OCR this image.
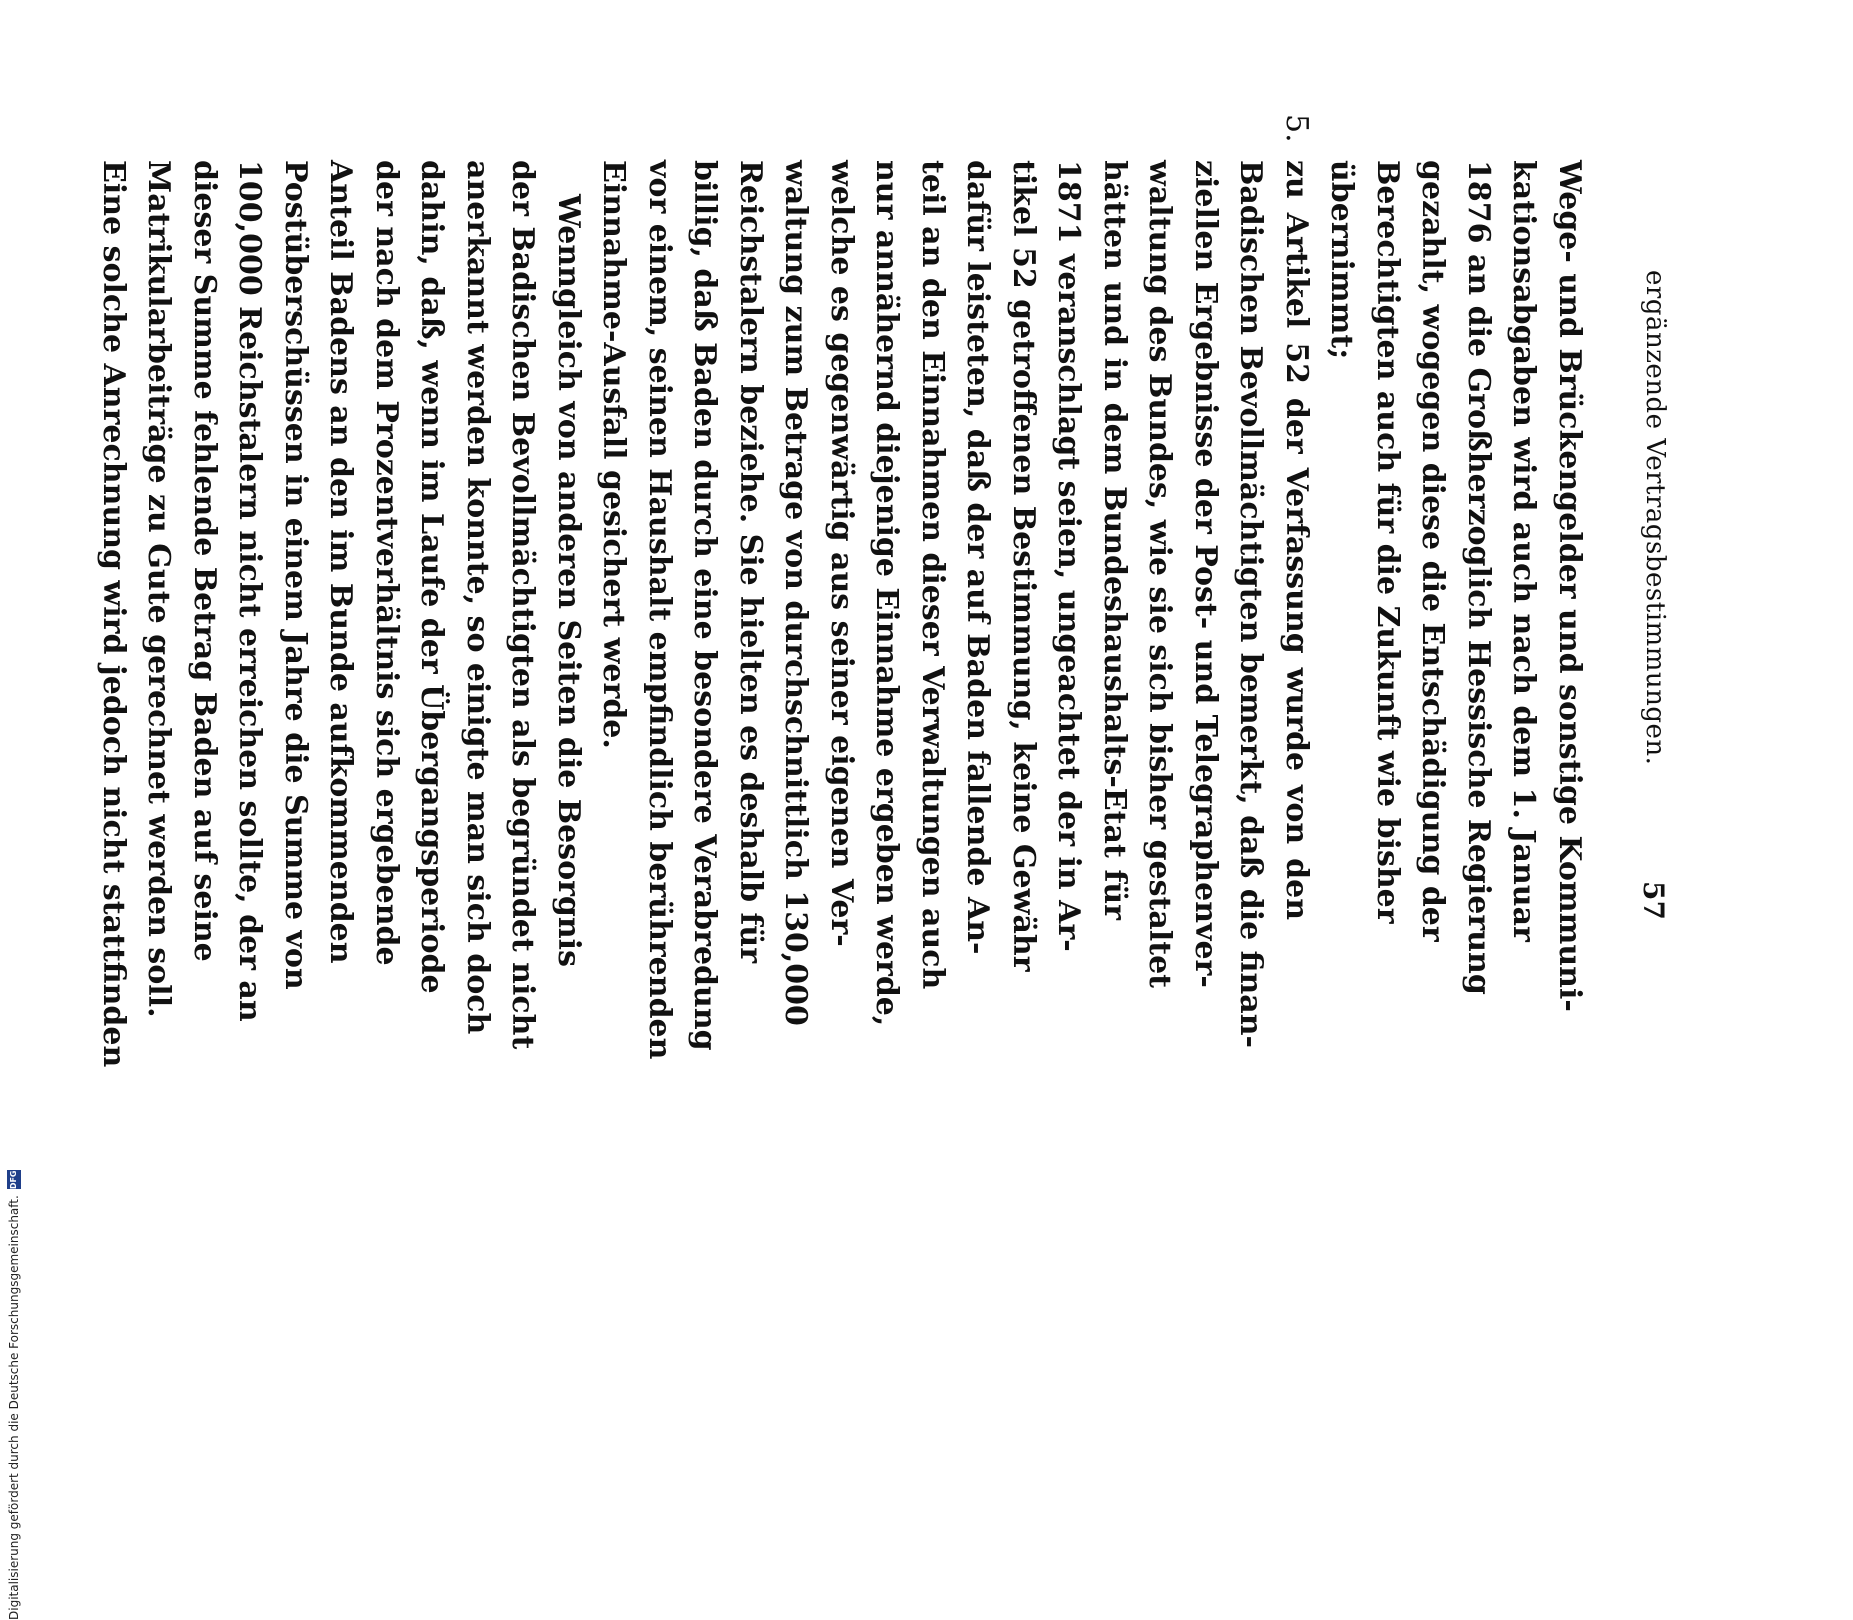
ergänzende Vertragsbestimmungen.
57
Wege- und Brückengelder und sonstige Kommuni-
kationsabgaben wird auch nach dem 1. Januar
1876 an die Großherzoglich Hessische Regierung
gezahlt, wogegen diese die Entschädigung der
Berechtigten auch für die Zukunft wie bisher
übernimmt;
5.
zu Artikel 52 der Verfassung wurde von den
Badischen Bevollmächtigten bemerkt, daß die finan-
ziellen Ergebnisse der Post- und Telegraphenver-
waltung des Bundes, wie sie sich bisher gestaltet
hätten und in dem Bundeshaushalts-Etat für
1871 veranschlagt seien, ungeachtet der in Ar-
tikel 52 getroffenen Bestimmung, keine Gewähr
dafür leisteten, daß der auf Baden fallende An-
teil an den Einnahmen dieser Verwaltungen auch
nur annähernd diejenige Einnahme ergeben werde,
welche es gegenwärtig aus seiner eigenen Ver-
waltung zum Betrage von durchschnittlich 130,000
Reichstalern beziehe. Sie hielten es deshalb für
billig, daß Baden durch eine besondere Verabredung
vor einem, seinen Haushalt empfindlich berührenden
Einnahme-Ausfall gesichert werde.
Wenngleich von anderen Seiten die Besorgnis
der Badischen Bevollmächtigten als begründet nicht
anerkannt werden konnte, so einigte man sich doch
dahin, daß, wenn im Laufe der Übergangsperiode
der nach dem Prozentverhältnis sich ergebende
Anteil Badens an den im Bunde aufkommenden
Postüberschüssen in einem Jahre die Summe von
100,000 Reichstalern nicht erreichen sollte, der an
dieser Summe fehlende Betrag Baden auf seine
Matrikularbeiträge zu Gute gerechnet werden soll.
Eine solche Anrechnung wird jedoch nicht stattfinden
Digitalisierung gefördert durch die Deutsche Forschungsgemeinschaft.
DFG
